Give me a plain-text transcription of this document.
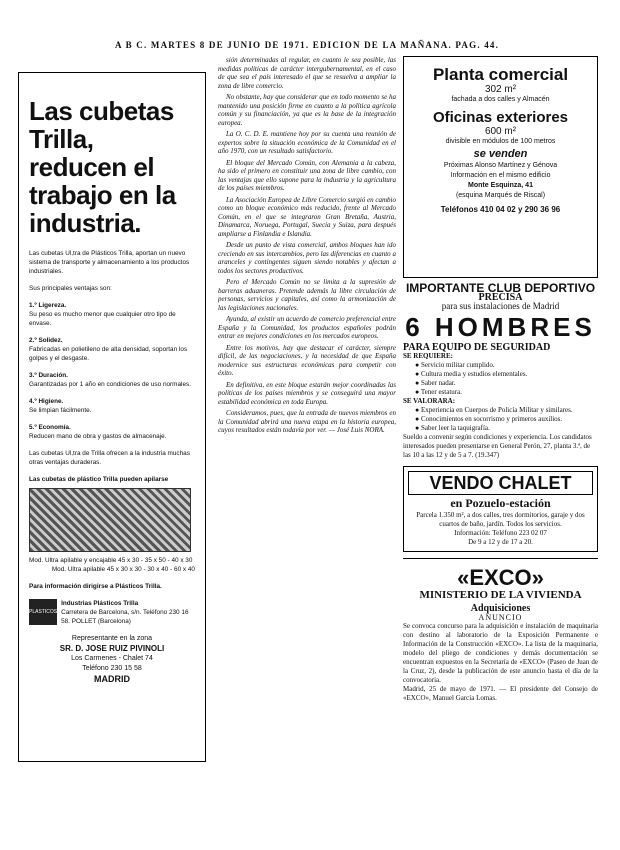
A B C. MARTES 8 DE JUNIO DE 1971. EDICION DE LA MAÑANA. PAG. 44.
Las cubetas Trilla, reducen el trabajo en la industria.

Las cubetas Ul,tra de Plásticos Trilla, aportan un nuevo sistema de transporte y almacenamiento a los productos industriales.

Sus principales ventajas son:

1.º Ligereza.
Su peso es mucho menor que cualquier otro tipo de envase.

2.º Solidez.
Fabricadas en polietileno de alta densidad, soportan los golpes y el desgaste.

3.º Duración.
Garantizadas por 1 año en condiciones de uso normales.

4.º Higiene.
Se limpian fácilmente.

5.º Economía.
Reducen mano de obra y gastos de almacenaje.

Las cubetas Ul,tra de Trilla ofrecen a la industria muchas otras ventajas duraderas.

Las cubetas de plástico Trilla pueden apilarse
Mod. Ultra apilable y encajable 45 x 30 - 35 x 50 - 40 x 30
Mod. Ultra apilable 45 x 30 x 30 - 30 x 40 - 60 x 40

Para información dirigirse a Plásticos Trilla.

PLASTICOS TRILLA
Industrias Plásticos Trilla
Carretera de Barcelona, s/n. Teléfono 230 16 58. POLLET (Barcelona)
Representante en la zona
SR. D. JOSE RUIZ PIVINOLI
Los Carmenes - Chalet 74
Teléfono 230 15 58
MADRID

sión determinadas al regular, en cuanto le sea posible, las medidas políticas de carácter intergubernamental, en el caso de que sea el país interesado el que se resuelva a ampliar la zona de libre comercio.

No obstante, hay que considerar que en todo momento se ha mantenido una posición firme en cuanto a la política agrícola común y su financiación, ya que es la base de la integración europea.

La O. C. D. E. mantiene hoy por su cuenta una reunión de expertos sobre la situación económica de la Comunidad en el año 1970, con un resultado satisfactorio.

El bloque del Mercado Común, con Alemania a la cabeza, ha sido el primero en constituir una zona de libre cambio, con las ventajas que ello supone para la industria y la agricultura de los países miembros.

La Asociación Europea de Libre Comercio surgió en cambio como un bloque económico más reducido, frente al Mercado Común, en el que se integraron Gran Bretaña, Austria, Dinamarca, Noruega, Portugal, Suecia y Suiza, para después ampliarse a Finlandia e Islandia.

Desde un punto de vista comercial, ambos bloques han ido creciendo en sus intercambios, pero las diferencias en cuanto a aranceles y contingentes siguen siendo notables y afectan a todos los sectores productivos.

Pero el Mercado Común no se limita a la supresión de barreras aduaneras. Pretende además la libre circulación de personas, servicios y capitales, así como la armonización de las legislaciones nacionales.

Ayunda, al existir un acuerdo de comercio preferencial entre España y la Comunidad, los productos españoles podrán entrar en mejores condiciones en los mercados europeos.

Entre los motivos, hay que destacar el carácter, siempre difícil, de las negociaciones, y la necesidad de que España modernice sus estructuras económicas para competir con éxito.

En definitiva, en este bloque estarán mejor coordinadas las políticas de los países miembros y se conseguirá una mayor estabilidad económica en toda Europa.

Consideramos, pues, que la entrada de nuevos miembros en la Comunidad abrirá una nueva etapa en la historia europea, cuyos resultados están todavía por ver. — José Luis NORA.

Planta comercial
302 m²
fachada a dos calles y Almacén
Oficinas exteriores
600 m²
divisible en módulos de 100 metros
se venden
Próximas Alonso Martínez y Génova
Información en el mismo edificio
Monte Esquinza, 41
(esquina Marqués de Riscal)
Teléfonos 410 04 02 y 290 36 96
IMPORTANTE CLUB DEPORTIVO
PRECISA
para sus instalaciones de Madrid
6 HOMBRES
PARA EQUIPO DE SEGURIDAD
SE REQUIERE:
● Servicio militar cumplido.
● Cultura media y estudios elementales.
● Saber nadar.
● Tener estatura.
SE VALORARA:
● Experiencia en Cuerpos de Policía Militar y similares.
● Conocimientos en socorrismo y primeros auxilios.
● Saber leer la taquigrafía.
Sueldo a convenir según condiciones y experiencia. Los candidatos interesados pueden presentarse en General Perón, 27, planta 3.ª, de las 10 a las 12 y de 5 a 7. (19.347)
VENDO CHALET
en Pozuelo-estación
Parcela 1.350 m², a dos calles, tres dormitorios, garaje y dos cuartos de baño, jardín. Todos los servicios.
Información: Teléfono 223 02 07
De 9 a 12 y de 17 a 20.
«EXCO»
MINISTERIO DE LA VIVIENDA
Adquisiciones
ANUNCIO
Se convoca concurso para la adquisición e instalación de maquinaria con destino al laboratorio de la Exposición Permanente e Información de la Construcción «EXCO». La lista de la maquinaria, modelo del pliego de condiciones y demás documentación se encuentran expuestos en la Secretaría de «EXCO» (Paseo de Juan de la Cruz, 2), desde la publicación de este anuncio hasta el día de la convocatoria.
Madrid, 25 de mayo de 1971. — El presidente del Consejo de «EXCO», Manuel García Lomas.
